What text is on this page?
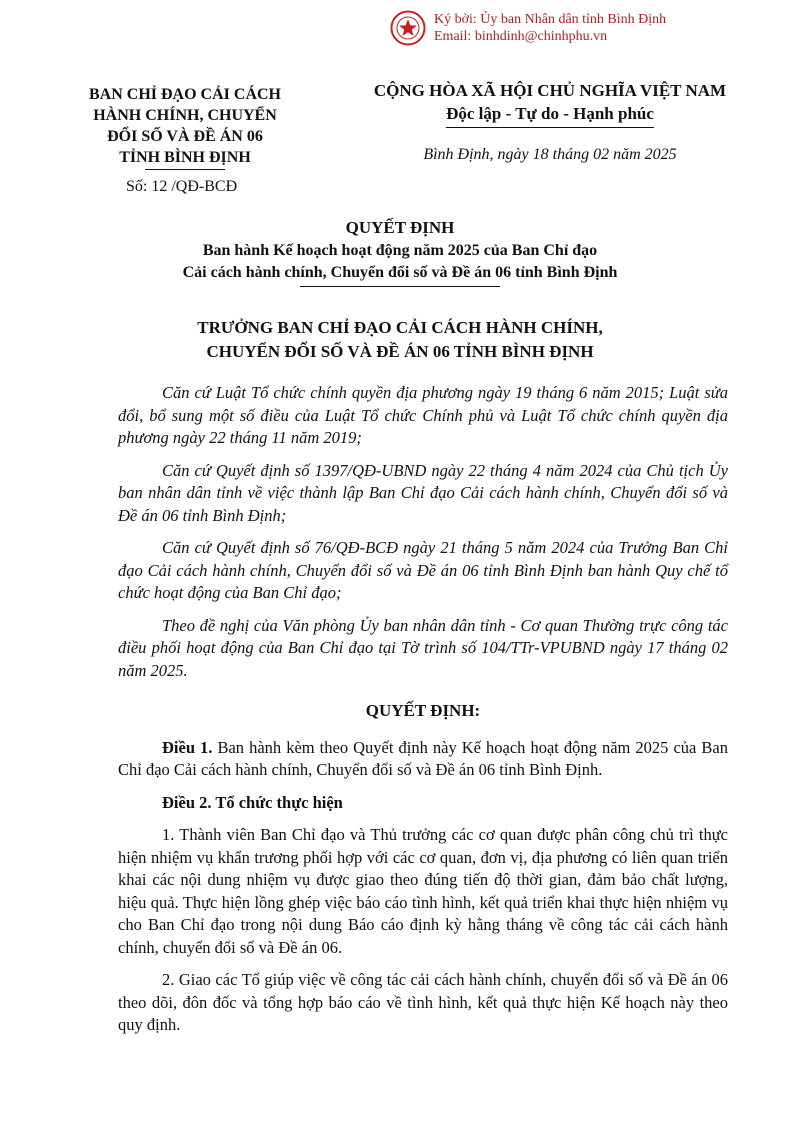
Ký bởi: Ủy ban Nhân dân tỉnh Bình Định
Email: binhdinh@chinhphu.vn
BAN CHỈ ĐẠO CẢI CÁCH
HÀNH CHÍNH, CHUYỂN
ĐỔI SỐ VÀ ĐỀ ÁN 06
TỈNH BÌNH ĐỊNH
Số: 12 /QĐ-BCĐ
CỘNG HÒA XÃ HỘI CHỦ NGHĨA VIỆT NAM
Độc lập - Tự do - Hạnh phúc
Bình Định, ngày 18 tháng 02 năm 2025
QUYẾT ĐỊNH
Ban hành Kế hoạch hoạt động năm 2025 của Ban Chỉ đạo
Cải cách hành chính, Chuyển đổi số và Đề án 06 tỉnh Bình Định
TRƯỞNG BAN CHỈ ĐẠO CẢI CÁCH HÀNH CHÍNH,
CHUYỂN ĐỔI SỐ VÀ ĐỀ ÁN 06 TỈNH BÌNH ĐỊNH

Căn cứ Luật Tổ chức chính quyền địa phương ngày 19 tháng 6 năm 2015; Luật sửa đổi, bổ sung một số điều của Luật Tổ chức Chính phủ và Luật Tổ chức chính quyền địa phương ngày 22 tháng 11 năm 2019;

Căn cứ Quyết định số 1397/QĐ-UBND ngày 22 tháng 4 năm 2024 của Chủ tịch Ủy ban nhân dân tỉnh về việc thành lập Ban Chỉ đạo Cải cách hành chính, Chuyển đổi số và Đề án 06 tỉnh Bình Định;

Căn cứ Quyết định số 76/QĐ-BCĐ ngày 21 tháng 5 năm 2024 của Trưởng Ban Chỉ đạo Cải cách hành chính, Chuyển đổi số và Đề án 06 tỉnh Bình Định ban hành Quy chế tổ chức hoạt động của Ban Chỉ đạo;

Theo đề nghị của Văn phòng Ủy ban nhân dân tỉnh - Cơ quan Thường trực công tác điều phối hoạt động của Ban Chỉ đạo tại Tờ trình số 104/TTr-VPUBND ngày 17 tháng 02 năm 2025.

QUYẾT ĐỊNH:

Điều 1. Ban hành kèm theo Quyết định này Kế hoạch hoạt động năm 2025 của Ban Chỉ đạo Cải cách hành chính, Chuyển đổi số và Đề án 06 tỉnh Bình Định.

Điều 2. Tổ chức thực hiện

1. Thành viên Ban Chỉ đạo và Thủ trưởng các cơ quan được phân công chủ trì thực hiện nhiệm vụ khẩn trương phối hợp với các cơ quan, đơn vị, địa phương có liên quan triển khai các nội dung nhiệm vụ được giao theo đúng tiến độ thời gian, đảm bảo chất lượng, hiệu quả. Thực hiện lồng ghép việc báo cáo tình hình, kết quả triển khai thực hiện nhiệm vụ cho Ban Chỉ đạo trong nội dung Báo cáo định kỳ hằng tháng về công tác cải cách hành chính, chuyển đổi số và Đề án 06.

2. Giao các Tổ giúp việc về công tác cải cách hành chính, chuyển đổi số và Đề án 06 theo dõi, đôn đốc và tổng hợp báo cáo về tình hình, kết quả thực hiện Kế hoạch này theo quy định.
